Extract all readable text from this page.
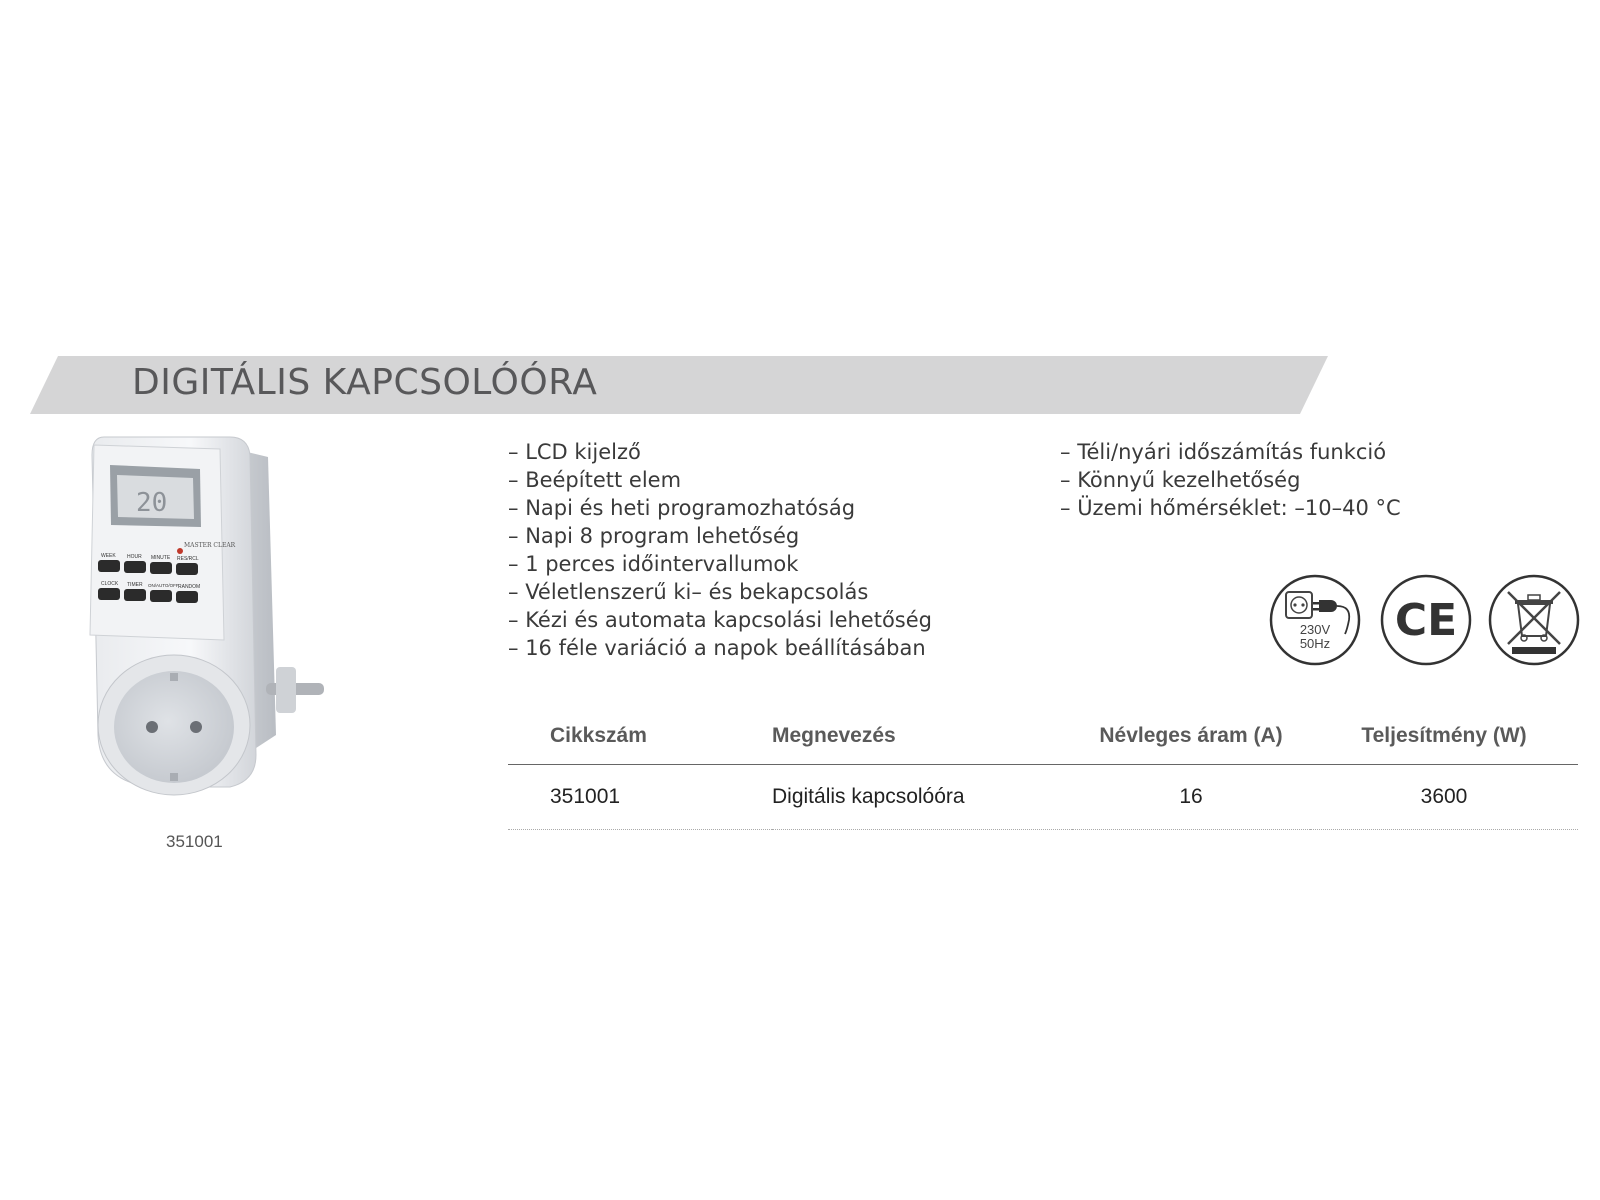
DIGITÁLIS KAPCSOLÓÓRA
20
MASTER CLEAR
WEEK HOUR MINUTE RES/RCL
CLOCK TIMER ON/AUTO/OFF RANDOM
351001
– LCD kijelző
– Beépített elem
– Napi és heti programozhatóság
– Napi 8 program lehetőség
– 1 perces időintervallumok
– Véletlenszerű ki– és bekapcsolás
– Kézi és automata kapcsolási lehetőség
– 16 féle variáció a napok beállításában
– Téli/nyári időszámítás funkció
– Könnyű kezelhetőség
– Üzemi hőmérséklet: –10–40 °C
230V
50Hz CE
Cikkszám	Megnevezés	Névleges áram (A)	Teljesítmény (W)
351001	Digitális kapcsolóóra	16	3600
